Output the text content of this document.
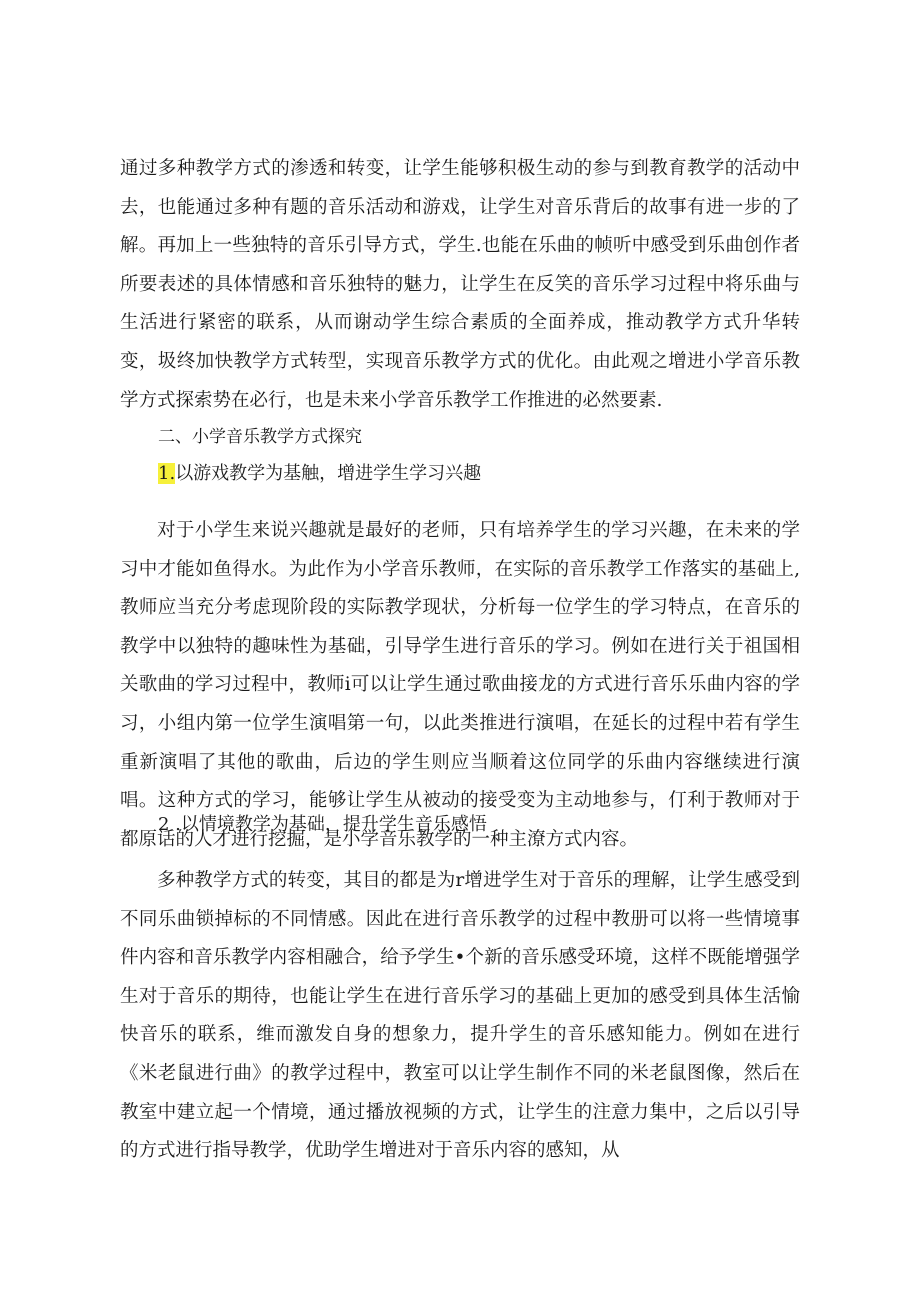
通过多种教学方式的渗透和转变，让学生能够积极生动的参与到教育教学的活动中去，也能通过多种有题的音乐活动和游戏，让学生对音乐背后的故事有进一步的了解。再加上一些独特的音乐引导方式，学生.也能在乐曲的帧听中感受到乐曲创作者所要表述的具体情感和音乐独特的魅力，让学生在反笑的音乐学习过程中将乐曲与生活进行紧密的联系，从而谢动学生综合素质的全面养成，推动教学方式升华转变，圾终加快教学方式转型，实现音乐教学方式的优化。由此观之增进小学音乐教学方式探索势在必行，也是未来小学音乐教学工作推进的必然要素.

二、小学音乐教学方式探究

1.以游戏教学为基触，增进学生学习兴趣

对于小学生来说兴趣就是最好的老师，只有培养学生的学习兴趣，在未来的学习中才能如鱼得水。为此作为小学音乐教师，在实际的音乐教学工作落实的基础上,教师应当充分考虑现阶段的实际教学现状，分析每一位学生的学习特点，在音乐的教学中以独特的趣味性为基础，引导学生进行音乐的学习。例如在进行关于祖国相关歌曲的学习过程中，教师i可以让学生通过歌曲接龙的方式进行音乐乐曲内容的学习，小组内第一位学生演唱第一句，以此类推进行演唱，在延长的过程中若有学生重新演唱了其他的歌曲，后边的学生则应当顺着这位同学的乐曲内容继续进行演唱。这种方式的学习，能够让学生从被动的接受变为主动地参与，仃利于教师对于都原话的人才进行挖掘，是小学音乐教学的一种主潦方式内容。

2 .以情境教学为基础，提升学生音乐感悟

多种教学方式的转变，其目的都是为r增进学生对于音乐的理解，让学生感受到不同乐曲锁掉标的不同情感。因此在进行音乐教学的过程中教册可以将一些情境事件内容和音乐教学内容相融合，给予学生•个新的音乐感受环境，这样不既能增强学生对于音乐的期待，也能让学生在进行音乐学习的基础上更加的感受到具体生活愉快音乐的联系，维而激发自身的想象力，提升学生的音乐感知能力。例如在进行《米老鼠进行曲》的教学过程中，教室可以让学生制作不同的米老鼠图像，然后在教室中建立起一个情境，通过播放视频的方式，让学生的注意力集中，之后以引导的方式进行指导教学，优助学生增进对于音乐内容的感知，从
